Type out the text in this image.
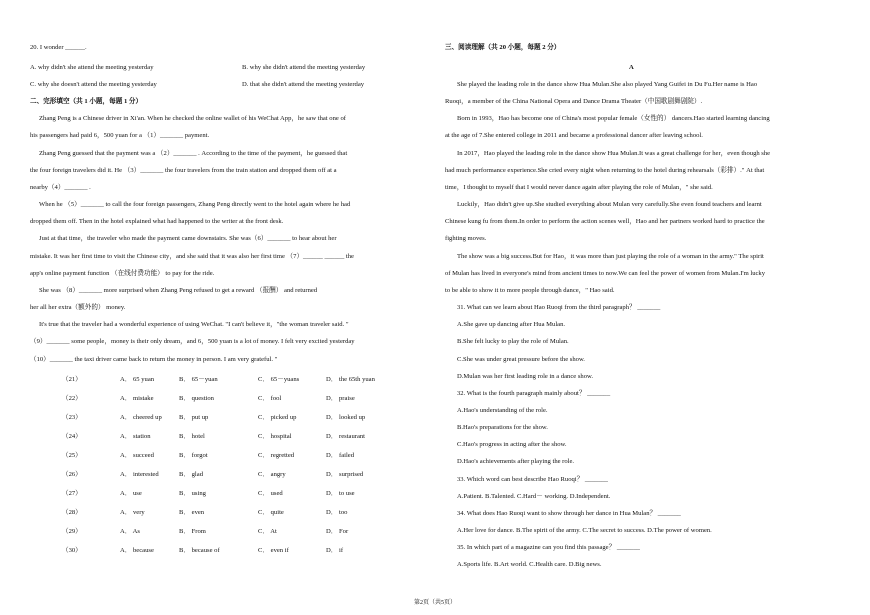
20. I wonder ______.
A. why didn't she attend the meeting yesterday	B. why she didn't attend the meeting yesterday
C. why she doesn't attend the meeting yesterday	D. that she didn't attend the meeting yesterday
二、完形填空（共 1 小题，每题 1 分）
Zhang Peng is a Chinese driver in Xi'an. When he checked the online wallet of his WeChat App，he saw that one of
his passengers had paid 6，500 yuan for a （1）_______ payment.
Zhang Peng guessed that the payment was a （2）_______ . According to the time of the payment，he guessed that
the four foreign travelers did it. He （3）_______ the four travelers from the train station and dropped them off at a
nearby（4）_______ .
When he （5）_______ to call the four foreign passengers, Zhang Peng directly went to the hotel again where he had
dropped them off. Then in the hotel explained what had happened to the writer at the front desk.
Just at that time，the traveler who made the payment came downstairs. She was（6）_______ to hear about her
mistake. It was her first time to visit the Chinese city，and she said that it was also her first time （7）______ ______ the
app's online payment function （在线付费功能） to pay for the ride.
She was （8）_______ more surprised when Zhang Peng refused to get a reward （报酬） and returned
her all her extra（额外的） money.
It's true that the traveler had a wonderful experience of using WeChat. "I can't believe it，"the woman traveler said. "
（9）_______ some people，money is their only dream，and 6，500 yuan is a lot of money. I felt very excited yesterday
（10）_______ the taxi driver came back to return the money in person. I am very grateful. "
（21）	A． 65 yuan	B． 65－yuan	C． 65－yuans	D． the 65th yuan
（22）	A． mistake	B． question	C． fool	D． praise
（23）	A． cheered up	B． put up	C． picked up	D． looked up
（24）	A． station	B． hotel	C． hospital	D． restaurant
（25）	A． succeed	B． forgot	C． regretted	D． failed
（26）	A． interested	B． glad	C． angry	D． surprised
（27）	A． use	B． using	C． used	D． to use
（28）	A． very	B． even	C． quite	D． too
（29）	A． As	B． From	C． At	D． For
（30）	A． because	B． because of	C． even if	D． if
三、阅读理解（共 20 小题，每题 2 分）
A
She played the leading role in the dance show Hua Mulan.She also played Yang Guifei in Du Fu.Her name is Hao
Ruoqi，a member of the China National Opera and Dance Drama Theater（中国歌剧舞剧院）.
Born in 1993，Hao has become one of China's most popular female（女性的） dancers.Hao started learning dancing
at the age of 7.She entered college in 2011 and became a professional dancer after leaving school.
In 2017，Hao played the leading role in the dance show Hua Mulan.It was a great challenge for her，even though she
had much performance experience.She cried every night when returning to the hotel during rehearsals（彩排）." At that
time，I thought to myself that I would never dance again after playing the role of Mulan，" she said.
Luckily，Hao didn't give up.She studied everything about Mulan very carefully.She even found teachers and learnt
Chinese kung fu from them.In order to perform the action scenes well，Hao and her partners worked hard to practice the
fighting moves.
The show was a big success.But for Hao，it was more than just playing the role of a woman in the army." The spirit
of Mulan has lived in everyone's mind from ancient times to now.We can feel the power of women from Mulan.I'm lucky
to be able to show it to more people through dance，" Hao said.
31. What can we learn about Hao Ruoqi from the third paragraph？ _______
A.She gave up dancing after Hua Mulan.
B.She felt lucky to play the role of Mulan.
C.She was under great pressure before the show.
D.Mulan was her first leading role in a dance show.
32. What is the fourth paragraph mainly about？ _______
A.Hao's understanding of the role.
B.Hao's preparations for the show.
C.Hao's progress in acting after the show.
D.Hao's achievements after playing the role.
33. Which word can best describe Hao Ruoqi？ _______
A.Patient. B.Talented. C.Hard－ working. D.Independent.
34. What does Hao Ruoqi want to show through her dance in Hua Mulan？ _______
A.Her love for dance. B.The spirit of the army. C.The secret to success. D.The power of women.
35. In which part of a magazine can you find this passage？ _______
A.Sports life. B.Art world. C.Health care. D.Big news.
第2页（共5页）
